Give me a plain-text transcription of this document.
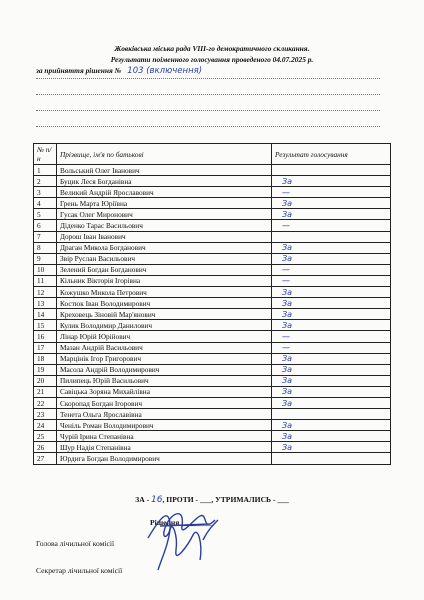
Жовківська міська рада VIII-го демократичного скликання.
Результати поіменного голосування проведеного 04.07.2025 р.
за прийняття рішення № 103 (включення)
№ п/н	Прізвище, ім'я по батькові	Результат голосування
1	Вольський Олег Іванович	
2	Буцик Леся Богданівна	За
3	Великий Андрій Ярославович	—
4	Грень Марта Юріївна	За
5	Гусак Олег Миронович	За
6	Діденко Тарас Васильович	—
7	Дорош Іван Іванович	
8	Драган Микола Богданович	За
9	Звір Руслан Васильович	За
10	Зелений Богдан Богданович	—
11	Кільник Вікторія Ігорівна	—
12	Кожушко Микола Петрович	За
13	Костюк Іван Володимирович	За
14	Креховець Зіновій Мар'янович	За
15	Кулик Володимир Данилович	За
16	Лінар Юрій Юрійович	—
17	Мазан Андрій Васильович	—
18	Марцінік Ігор Григорович	За
19	Масола Андрій Володимирович	За
20	Пилипець Юрій Васильович	За
21	Савіцька Зоряна Михайлівна	За
22	Скоропад Богдан Ігорович	За
23	Тенета Ольга Ярославівна	
24	Ченіль Роман Володимирович	За
25	Чурій Ірина Степанівна	За
26	Шур Надія Степанівна	За
27	Юрдига Богдан Володимирович	
ЗА - 16, ПРОТИ - ___, УТРИМАЛИСЬ - ___
Рішення ________
Голова лічильної комісії
Секретар лічильної комісії
